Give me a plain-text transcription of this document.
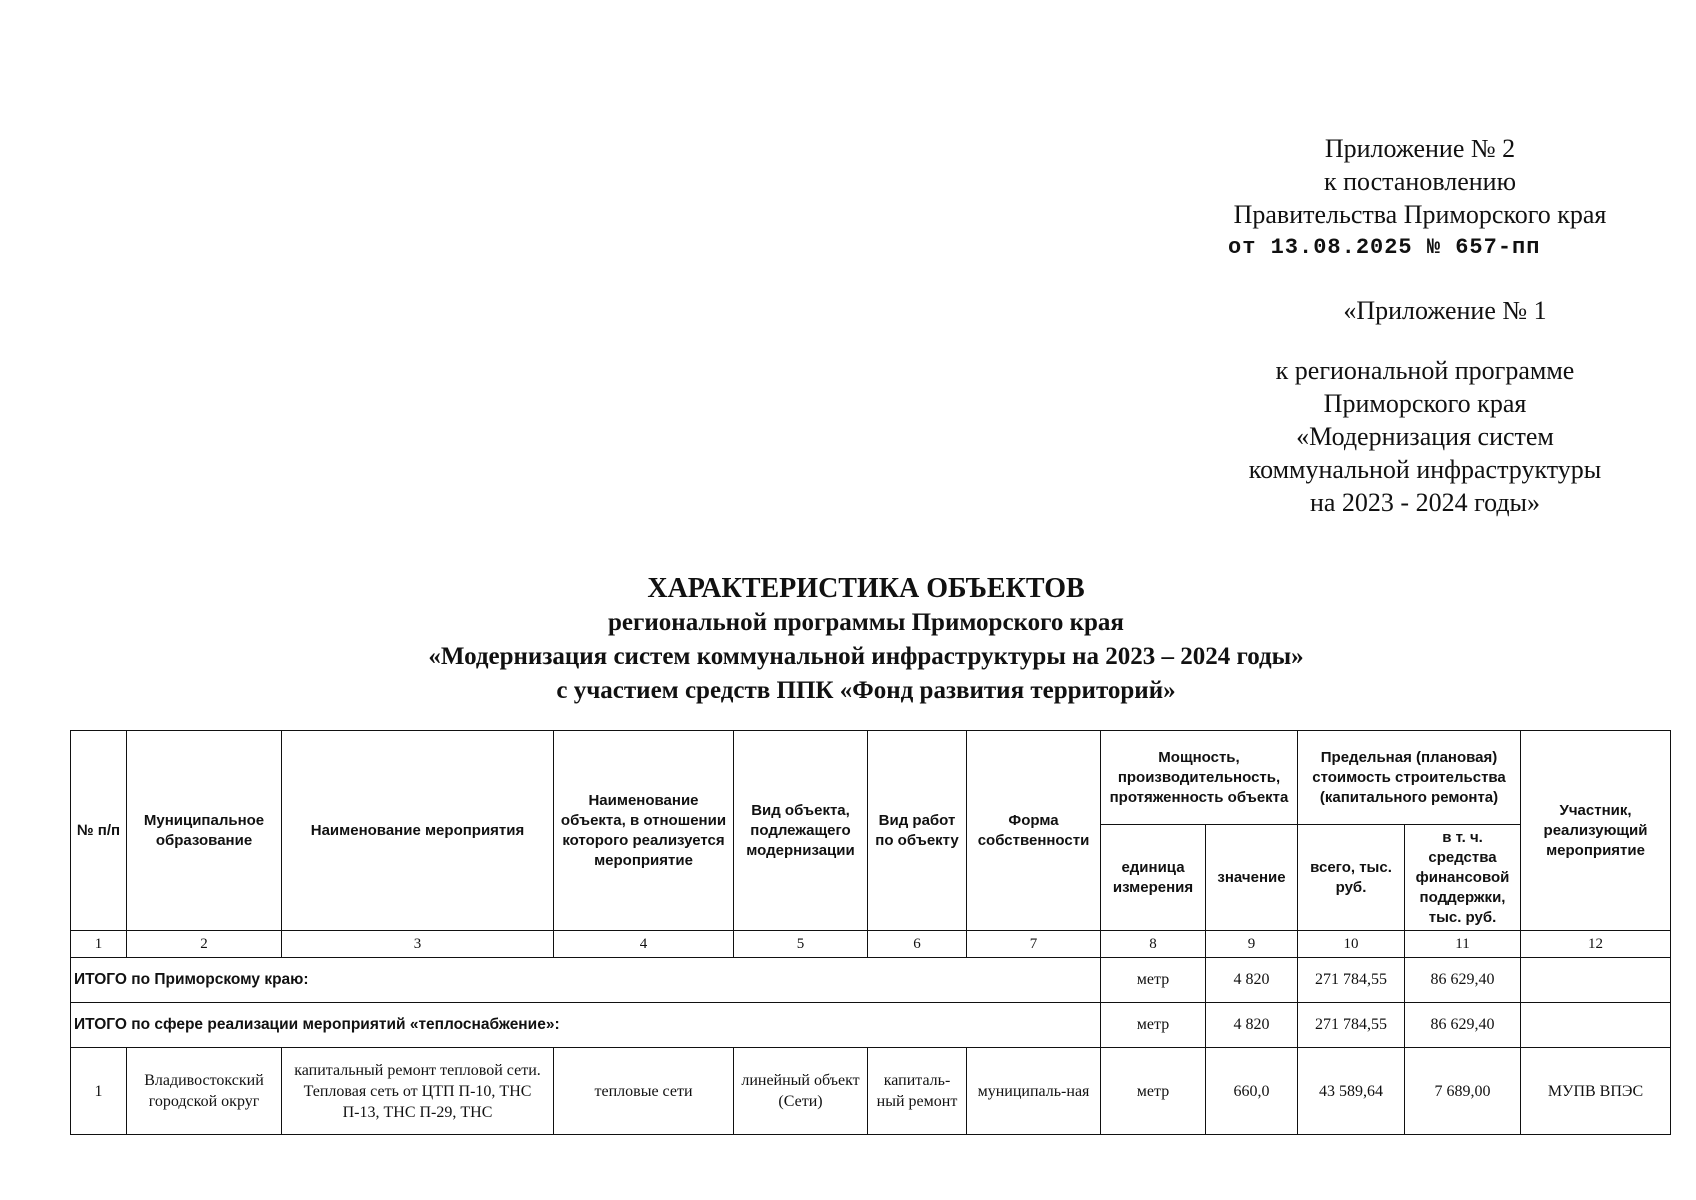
Приложение № 2
к постановлению
Правительства Приморского края
от 13.08.2025 № 657-пп
«Приложение № 1
к региональной программе
Приморского края
«Модернизация систем
коммунальной инфраструктуры
на 2023 - 2024 годы»
ХАРАКТЕРИСТИКА ОБЪЕКТОВ
региональной программы Приморского края
«Модернизация систем коммунальной инфраструктуры на 2023 – 2024 годы»
с участием средств ППК «Фонд развития территорий»
№ п/п	Муниципальное образование	Наименование мероприятия	Наименование объекта, в отношении которого реализуется мероприятие	Вид объекта, подлежащего модернизации	Вид работ по объекту	Форма собственности	Мощность, производительность, протяженность объекта		Предельная (плановая) стоимость строительства (капитального ремонта)		Участник, реализующий мероприятие
							единица измерения	значение	всего, тыс. руб.	в т. ч. средства финансовой поддержки, тыс. руб.	
1	2	3	4	5	6	7	8	9	10	11	12
ИТОГО по Приморскому краю:							метр	4 820	271 784,55	86 629,40	
ИТОГО по сфере реализации мероприятий «теплоснабжение»:							метр	4 820	271 784,55	86 629,40	
1	Владивостокский городской округ	капитальный ремонт тепловой сети. Тепловая сеть от ЦТП П-10, ТНС П-13, ТНС П-29, ТНС	тепловые сети	линейный объект (Сети)	капиталь-ный ремонт	муниципаль-ная	метр	660,0	43 589,64	7 689,00	МУПВ ВПЭС
